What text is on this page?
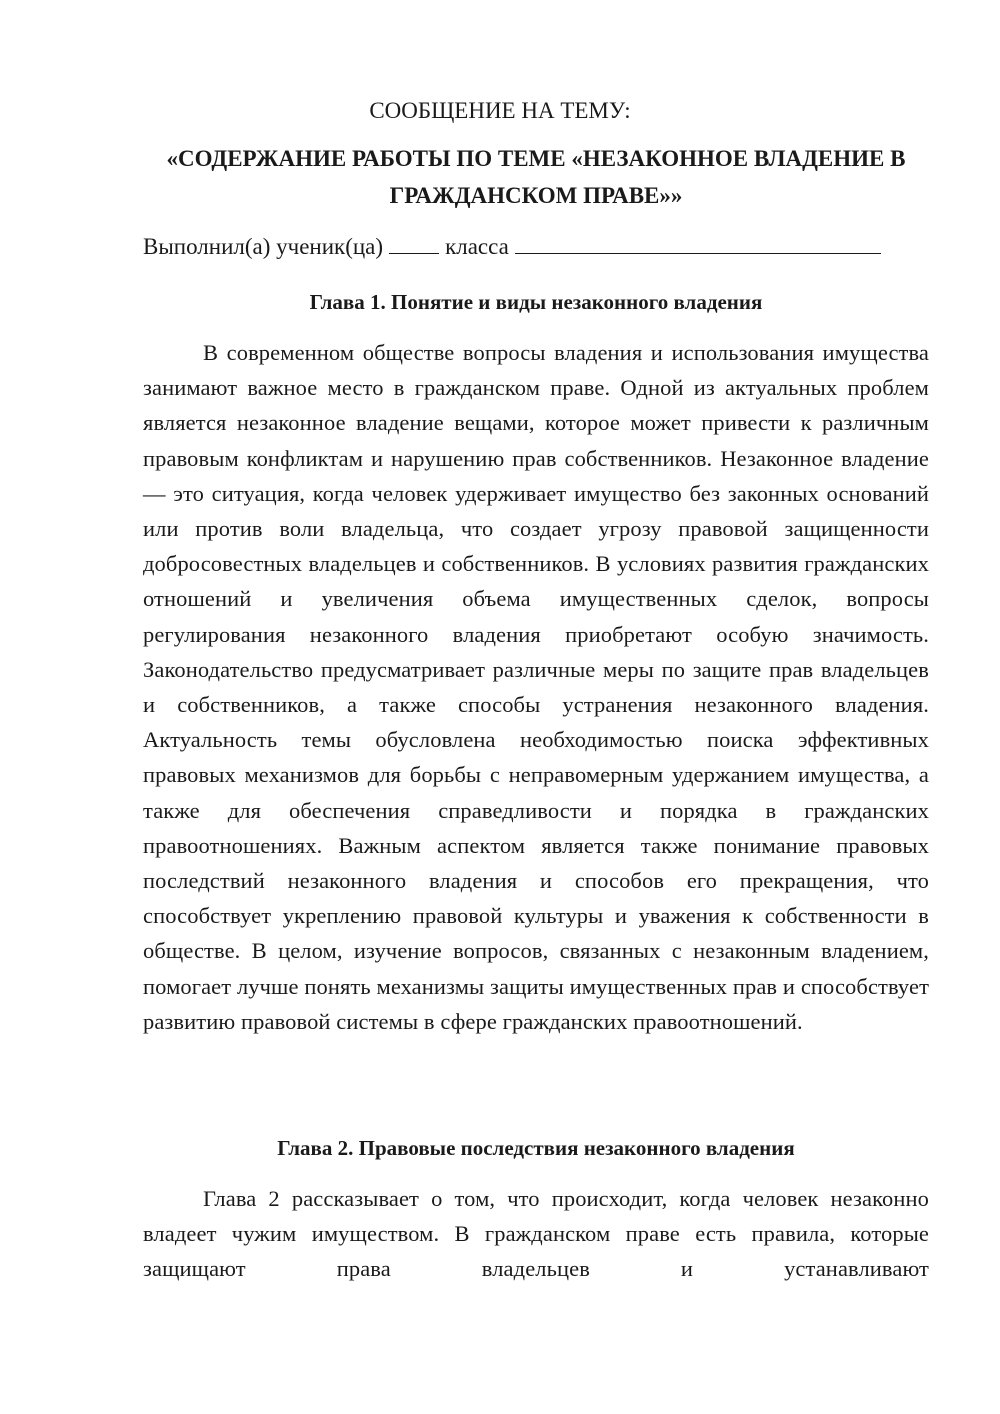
СООБЩЕНИЕ НА ТЕМУ:
«СОДЕРЖАНИЕ РАБОТЫ ПО ТЕМЕ «НЕЗАКОННОЕ ВЛАДЕНИЕ В ГРАЖДАНСКОМ ПРАВЕ»»
Выполнил(а) ученик(ца)	класса
Глава 1. Понятие и виды незаконного владения

В современном обществе вопросы владения и использования имущества занимают важное место в гражданском праве. Одной из актуальных проблем является незаконное владение вещами, которое может привести к различным правовым конфликтам и нарушению прав собственников. Незаконное владение — это ситуация, когда человек удерживает имущество без законных оснований или против воли владельца, что создает угрозу правовой защищенности добросовестных владельцев и собственников. В условиях развития гражданских отношений и увеличения объема имущественных сделок, вопросы регулирования незаконного владения приобретают особую значимость. Законодательство предусматривает различные меры по защите прав владельцев и собственников, а также способы устранения незаконного владения. Актуальность темы обусловлена необходимостью поиска эффективных правовых механизмов для борьбы с неправомерным удержанием имущества, а также для обеспечения справедливости и порядка в гражданских правоотношениях. Важным аспектом является также понимание правовых последствий незаконного владения и способов его прекращения, что способствует укреплению правовой культуры и уважения к собственности в обществе. В целом, изучение вопросов, связанных с незаконным владением, помогает лучше понять механизмы защиты имущественных прав и способствует развитию правовой системы в сфере гражданских правоотношений.

Глава 2. Правовые последствия незаконного владения

Глава 2 рассказывает о том, что происходит, когда человек незаконно владеет чужим имуществом. В гражданском праве есть правила, которые защищают права владельцев и устанавливают
